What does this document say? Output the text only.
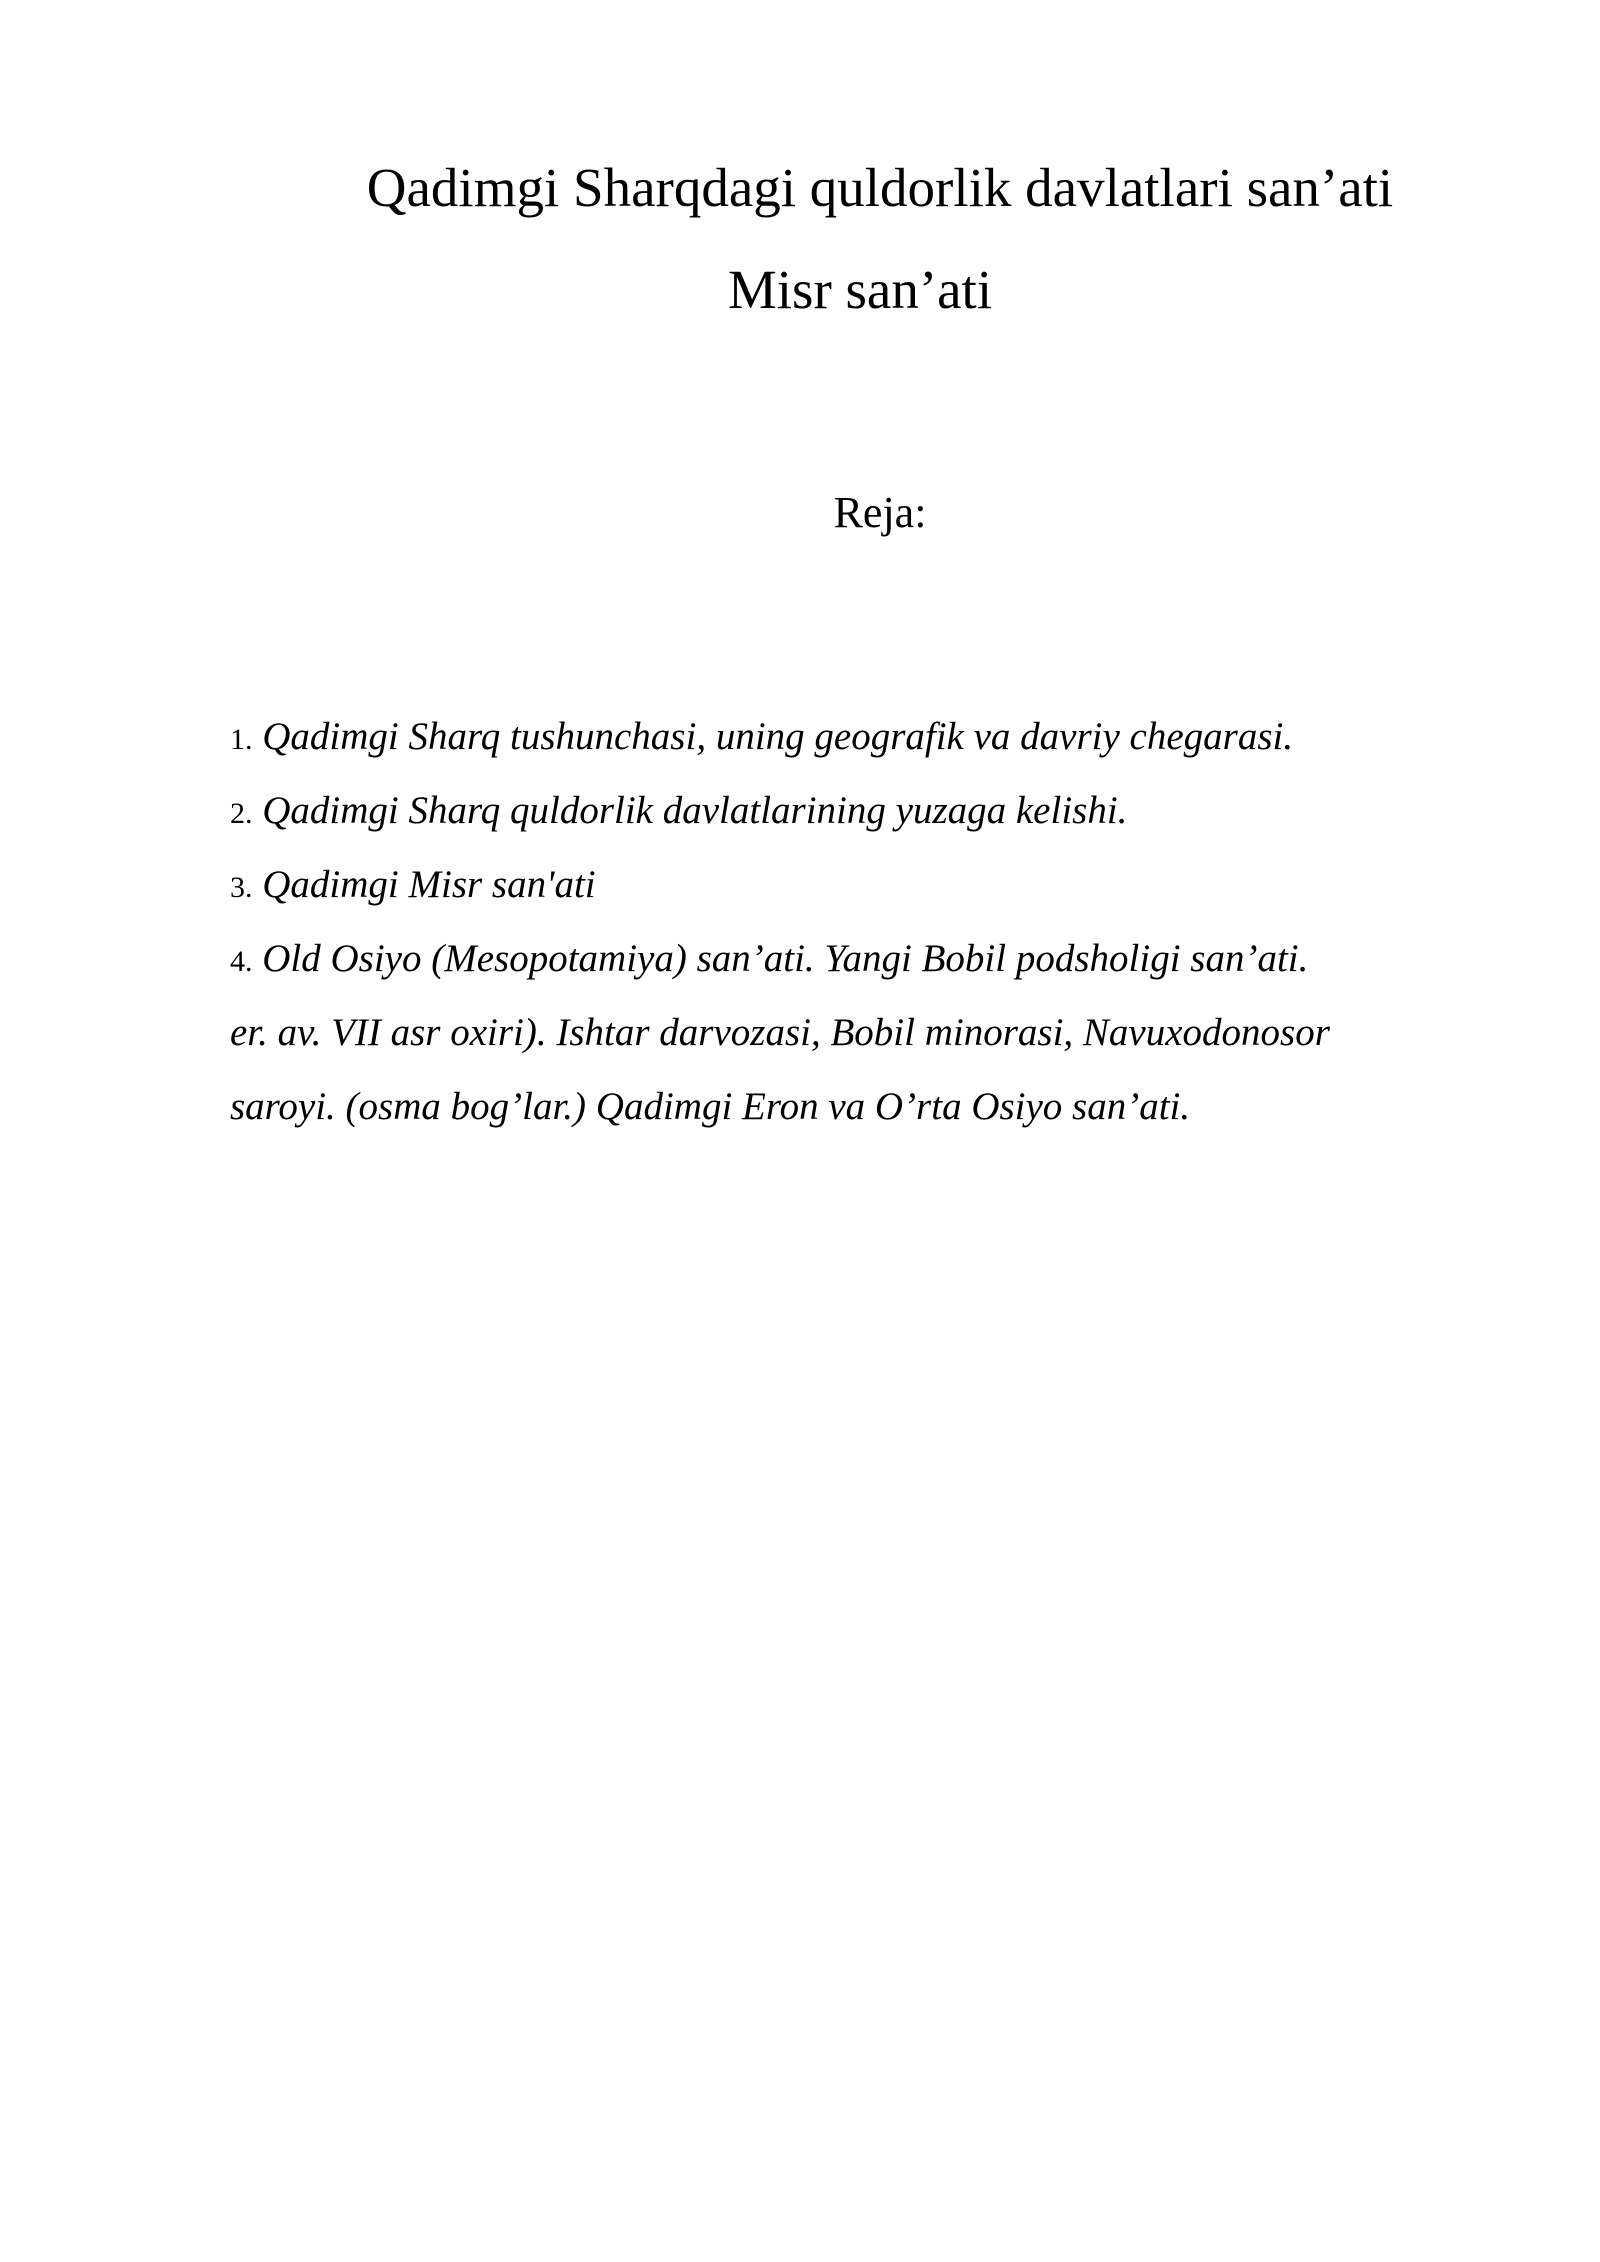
Qadimgi Sharqdagi quldorlik davlatlari san’ati
Misr san’ati
Reja:
1. Qadimgi Sharq tushunchasi, uning geografik va davriy chegarasi.
2. Qadimgi Sharq quldorlik davlatlarining yuzaga kelishi.
3. Qadimgi Misr san'ati
4. Old Osiyo (Mesopotamiya) san’ati. Yangi Bobil podsholigi san’ati.
er. av. VII asr oxiri). Ishtar darvozasi, Bobil minorasi, Navuxodonosor
saroyi. (osma bog’lar.) Qadimgi Eron va O’rta Osiyo san’ati.
